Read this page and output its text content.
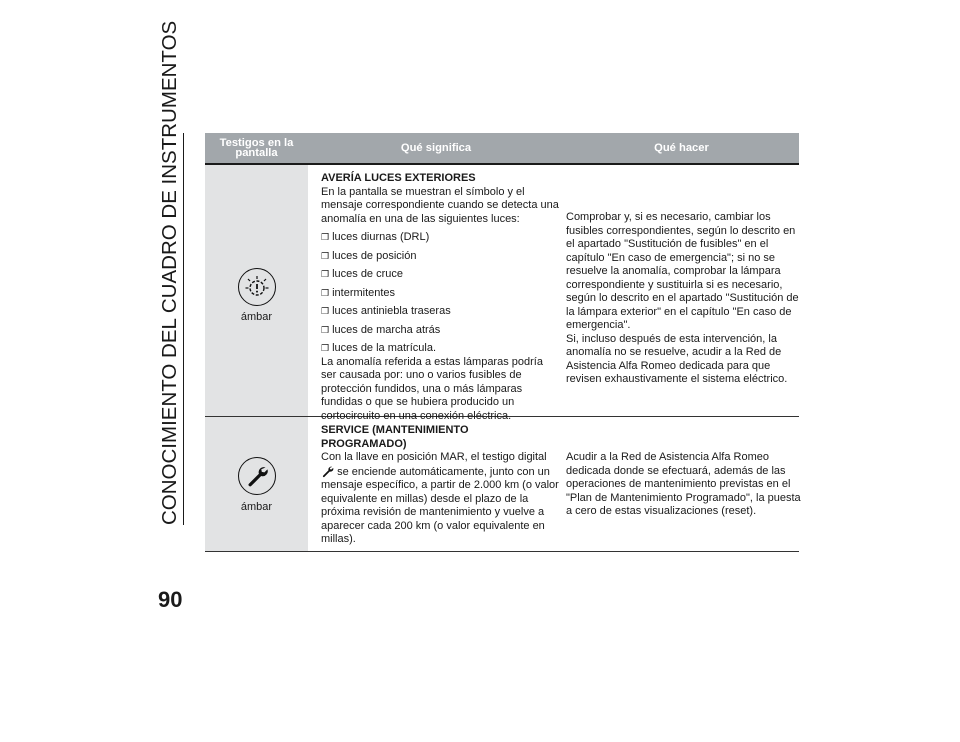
CONOCIMIENTO DEL CUADRO DE INSTRUMENTOS
90
Testigos en la
pantalla	Qué significa	Qué hacer
ámbar
AVERÍA LUCES EXTERIORES
En la pantalla se muestran el símbolo y el mensaje correspondiente cuando se detecta una anomalía en una de las siguientes luces:
❒ luces diurnas (DRL)
❒ luces de posición
❒ luces de cruce
❒ intermitentes
❒ luces antiniebla traseras
❒ luces de marcha atrás
❒ luces de la matrícula.
La anomalía referida a estas lámparas podría ser causada por: uno o varios fusibles de protección fundidos, una o más lámparas fundidas o que se hubiera producido un cortocircuito en una conexión eléctrica.
Comprobar y, si es necesario, cambiar los fusibles correspondientes, según lo descrito en el apartado "Sustitución de fusibles" en el capítulo "En caso de emergencia"; si no se resuelve la anomalía, comprobar la lámpara correspondiente y sustituirla si es necesario, según lo descrito en el apartado "Sustitución de la lámpara exterior" en el capítulo "En caso de emergencia".
Si, incluso después de esta intervención, la anomalía no se resuelve, acudir a la Red de Asistencia Alfa Romeo dedicada para que revisen exhaustivamente el sistema eléctrico.
ámbar
SERVICE (MANTENIMIENTO
PROGRAMADO)
Con la llave en posición MAR, el testigo digital
se enciende automáticamente, junto con un mensaje específico, a partir de 2.000 km (o valor equivalente en millas) desde el plazo de la próxima revisión de mantenimiento y vuelve a aparecer cada 200 km (o valor equivalente en millas).
Acudir a la Red de Asistencia Alfa Romeo dedicada donde se efectuará, además de las operaciones de mantenimiento previstas en el "Plan de Mantenimiento Programado", la puesta a cero de estas visualizaciones (reset).
